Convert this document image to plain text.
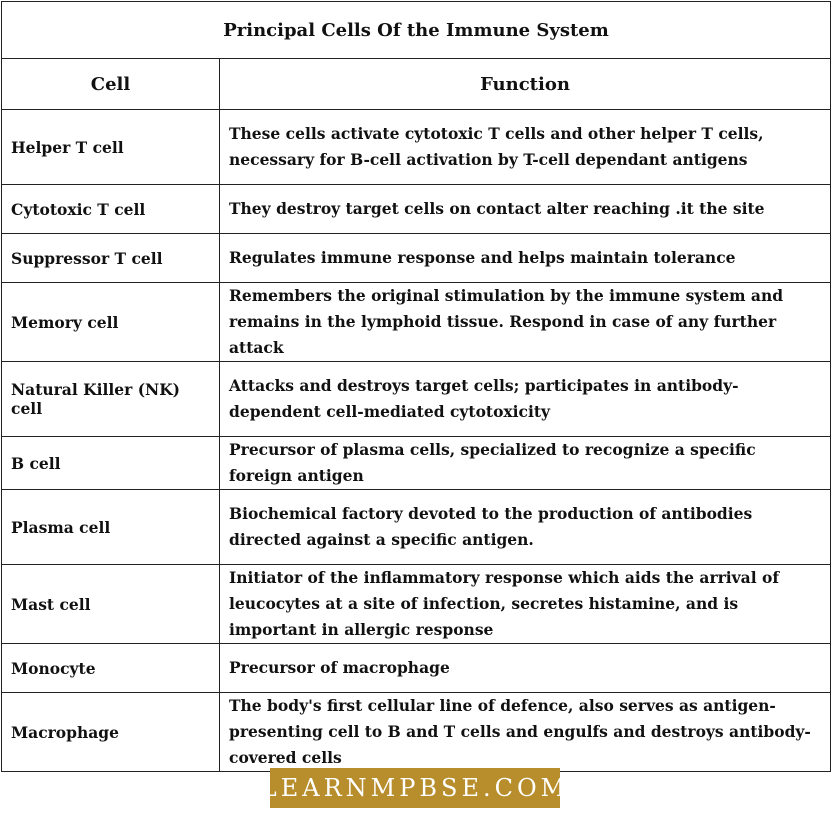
Principal Cells Of the Immune System	
Cell	Function
Helper T cell	These cells activate cytotoxic T cells and other helper T cells, necessary for B-cell activation by T-cell dependant antigens
Cytotoxic T cell	They destroy target cells on contact alter reaching .it the site
Suppressor T cell	Regulates immune response and helps maintain tolerance
Memory cell	Remembers the original stimulation by the immune system and remains in the lymphoid tissue. Respond in case of any further attack
Natural Killer (NK) cell	Attacks and destroys target cells; participates in antibody-dependent cell-mediated cytotoxicity
B cell	Precursor of plasma cells, specialized to recognize a specific foreign antigen
Plasma cell	Biochemical factory devoted to the production of antibodies directed against a specific antigen.
Mast cell	Initiator of the inflammatory response which aids the arrival of leucocytes at a site of infection, secretes histamine, and is important in allergic response
Monocyte	Precursor of macrophage
Macrophage	The body's first cellular line of defence, also serves as antigen-presenting cell to B and T cells and engulfs and destroys antibody-covered cells
LEARNMPBSE.COM
